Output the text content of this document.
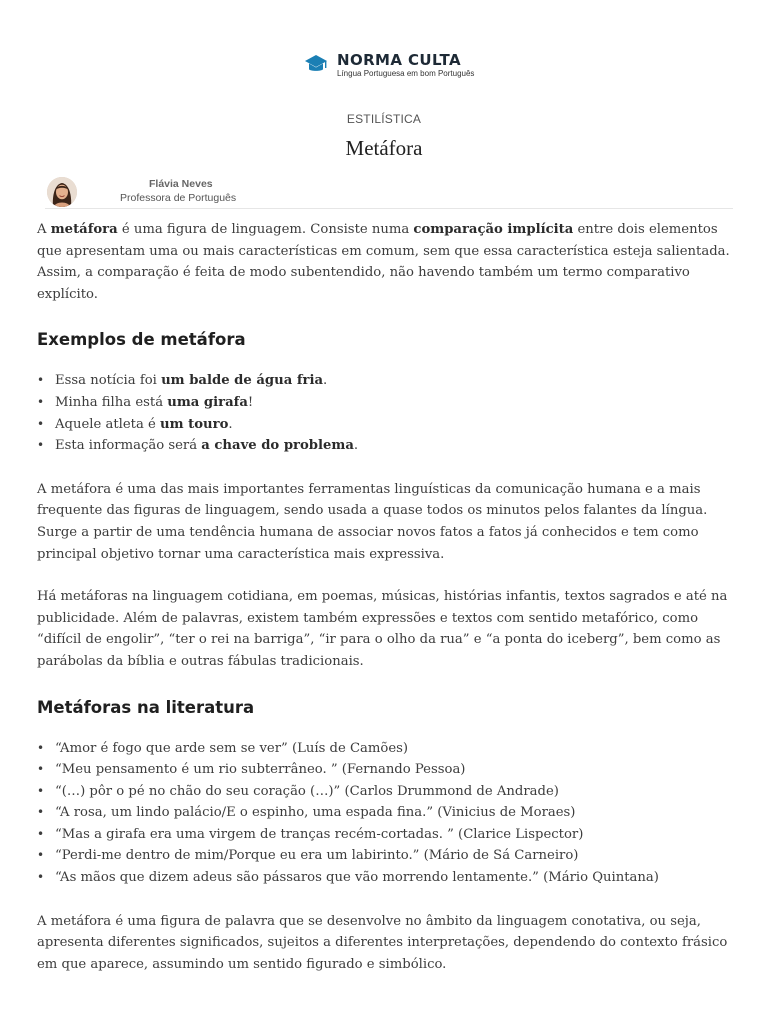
NORMA CULTA
Língua Portuguesa em bom Português
ESTILÍSTICA
Metáfora
Flávia Neves
Professora de Português

A metáfora é uma figura de linguagem. Consiste numa comparação implícita entre dois elementos que apresentam uma ou mais características em comum, sem que essa característica esteja salientada. Assim, a comparação é feita de modo subentendido, não havendo também um termo comparativo explícito.

Exemplos de metáfora
• Essa notícia foi um balde de água fria.
• Minha filha está uma girafa!
• Aquele atleta é um touro.
• Esta informação será a chave do problema.

A metáfora é uma das mais importantes ferramentas linguísticas da comunicação humana e a mais frequente das figuras de linguagem, sendo usada a quase todos os minutos pelos falantes da língua. Surge a partir de uma tendência humana de associar novos fatos a fatos já conhecidos e tem como principal objetivo tornar uma característica mais expressiva.

Há metáforas na linguagem cotidiana, em poemas, músicas, histórias infantis, textos sagrados e até na publicidade. Além de palavras, existem também expressões e textos com sentido metafórico, como “difícil de engolir”, “ter o rei na barriga”, “ir para o olho da rua” e “a ponta do iceberg”, bem como as parábolas da bíblia e outras fábulas tradicionais.

Metáforas na literatura
• “Amor é fogo que arde sem se ver” (Luís de Camões)
• “Meu pensamento é um rio subterrâneo. ” (Fernando Pessoa)
• “(…) pôr o pé no chão do seu coração (…)” (Carlos Drummond de Andrade)
• “A rosa, um lindo palácio/E o espinho, uma espada fina.” (Vinicius de Moraes)
• “Mas a girafa era uma virgem de tranças recém-cortadas. ” (Clarice Lispector)
• “Perdi-me dentro de mim/Porque eu era um labirinto.” (Mário de Sá Carneiro)
• “As mãos que dizem adeus são pássaros que vão morrendo lentamente.” (Mário Quintana)

A metáfora é uma figura de palavra que se desenvolve no âmbito da linguagem conotativa, ou seja, apresenta diferentes significados, sujeitos a diferentes interpretações, dependendo do contexto frásico em que aparece, assumindo um sentido figurado e simbólico.
